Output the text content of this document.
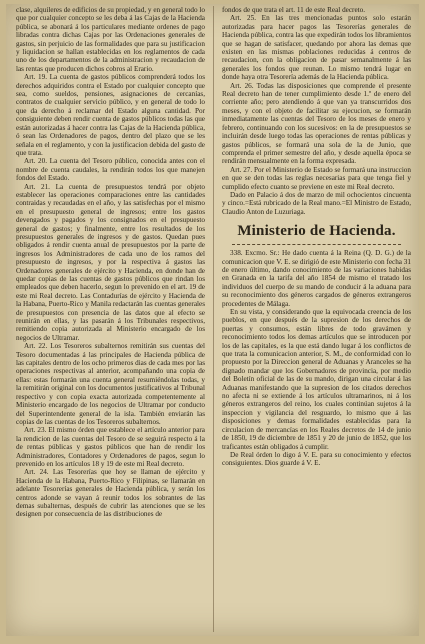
clase, alquileres de edificios de su propiedad, y en general todo lo que por cualquier concepto se les deba á las Cajas de la Hacienda pública, se abonará á los particulares mediante ordenes de pago libradas contra dichas Cajas por las Ordenaciones generales de gastos, sin perjuicio de las formalidades que para su justificacion y liquidacion se hallan establecidas en los reglamentos de cada uno de los departamentos de la administracion y recaudacion de las rentas que producen dichos cobros al Erario.

Art. 19. La cuenta de gastos públicos comprenderá todos los derechos adquiridos contra el Estado por cualquier concepto que sea, como sueldos, pensiones, asignaciones de cercanías, contratos de cualquier servicio público, y en general de todo lo que da derecho á reclamar del Estado alguna cantidad. Por consiguiente deben rendir cuenta de gastos públicos todas las que están autorizadas á hacer contra las Cajas de la Hacienda pública, ó sean las Ordenadores de pagos, dentro del plazo que se les señala en el reglamento, y con la justificacion debida del gasto de que trata.

Art. 20. La cuenta del Tesoro público, conocida antes con el nombre de cuenta caudales, la rendirán todos los que manejen fondos del Estado.

Art. 21. La cuenta de presupuestos tendrá por objeto establecer las operaciones comparaciones entre las cantidades contraidas y recaudadas en el año, y las satisfechas por el mismo en el presupuesto general de ingresos; entre los gastos devengados y pagados y los consignados en el presupuesto general de gastos; y finalmente, entre los resultados de los presupuestos generales de ingresos y de gastos. Quedan pues obligados á rendir cuenta anual de presupuestos por la parte de ingresos los Administradores de cada uno de los ramos del presupuesto de ingresos, y por la respectiva á gastos las Ordenadores generales de ejército y Hacienda, en donde han de quedar copias de las cuentas de gastos públicos que rindan los empleados que deben hacerlo, segun lo prevenido en el art. 19 de este mi Real decreto. Las Contadurías de ejército y Hacienda de la Habana, Puerto-Rico y Manila redactarán las cuentas generales de presupuestos con presencia de las datos que al efecto se reunirán en ellas, y las pasarán á los Tribunales respectivos, remitiendo copia autorizada al Ministerio encargado de los negocios de Ultramar.

Art. 22. Los Tesoreros subalternos remitirán sus cuentas del Tesoro documentadas á las principales de Hacienda pública de las capitales dentro de los ocho primeros dias de cada mes por las operaciones respectivas al anterior, acompañando una copia de ellas: estas formarán una cuenta general resumiéndolas todas, y la remitirán original con los documentos justificativos al Tribunal respectivo y con copia exacta autorizada competentemente al Ministerio encargado de los negocios de Ultramar por conducto del Superintendente general de la isla. También enviarán las copias de las cuentas de los Tesoreros subalternos.

Art. 23. El mismo órden que establece el artículo anterior para la rendicion de las cuentas del Tesoro de se seguirá respecto á la de rentas públicas y gastos públicos que han de rendir los Administradores, Contadores y Ordenadores de pagos, segun lo prevenido en los artículos 18 y 19 de este mi Real decreto.

Art. 24. Las Tesorerías que hoy se llaman de ejército y Hacienda de la Habana, Puerto-Rico y Filipinas, se llamarán en adelante Tesorerías generales de Hacienda pública, y serán los centros adonde se vayan á reunir todos los sobrantes de las demas subalternas, después de cubrir las atenciones que se les designen por consecuencia de las distribuciones de

fondos de que trata el art. 11 de este Real decreto.

Art. 25. En las tres mencionadas puntos solo estarán autorizadas para hacer pagos las Tesorerías generales de Hacienda pública, contra las que expedirán todos los libramientos que se hagan de satisfacer, quedando por ahora las demas que existen en las mismas poblaciones reducidas á centros de recaudacion, con la obligacion de pasar semanalmente á las generales los fondos que reunan. Lo mismo tendrá lugar en donde haya otra Tesorería además de la Hacienda pública.

Art. 26. Todas las disposiciones que comprende el presente Real decreto han de tener cumplimiento desde 1.º de enero del corriente año; pero atendiendo á que van ya transcurridos dos meses, y con el objeto de facilitar su ejecucion, se formarán inmediatamente las cuentas del Tesoro de los meses de enero y febrero, continuando con los sucesivos: en la de presupuestos se incluirán desde luego todas las operaciones de rentas públicas y gastos públicos, se formará una sola de la de Junio, que comprenda el primer semestre del año, y desde aquella época se rendirán mensualmente en la forma expresada.

Art. 27. Por el Ministerio de Estado se formará una instruccion en que se den todas las reglas necesarias para que tenga fiel y cumplido efecto cuanto se previene en este mi Real decreto.

Dado en Palacio á dos de marzo de mil ochocientos cincuenta y cinco.=Está rubricado de la Real mano.=El Ministro de Estado, Claudio Anton de Luzuriaga.

Ministerio de Hacienda.

338. Excmo. Sr.: He dado cuenta á la Reina (Q. D. G.) de la comunicacion que V. E. se dirigió de este Ministerio con fecha 31 de enero último, dando conocimiento de las variaciones habidas en Granada en la tarifa del año 1854 de mismo el tratado los individuos del cuerpo de su mando de conducir á la aduana para su reconocimiento dos géneros cargados de géneros extrangeros procedentes de Málaga.

En su vista, y considerando que la equivocada creencia de los pueblos, en que después de la supresion de los derechos de puertas y consumos, están libres de todo gravámen y reconocimiento todos los demas artículos que se introducen por los de las capitales, es la que está dando lugar á los conflictos de que trata la comunicacion anterior, S. M., de conformidad con lo propuesto por la Direccion general de Aduanas y Aranceles se ha dignado mandar que los Gobernadores de provincia, por medio del Boletín oficial de las de su mando, dirigan una circular á las Aduanas manifestando que la supresion de los citados derechos no afecta ni se extiende á los artículos ultramarinos, ni á los géneros extrangeros del reino, los cuales continúan sujetos á la inspeccion y vigilancia del resguardo, lo mismo que á las disposiciones y demas formalidades establecidas para la circulacion de mercancías en los Reales decretos de 14 de junio de 1850, 19 de diciembre de 1851 y 20 de junio de 1852, que los traficantes están obligados á cumplir.

De Real órden lo digo á V. E. para su conocimiento y efectos consiguientes. Dios guarde á V. E.
